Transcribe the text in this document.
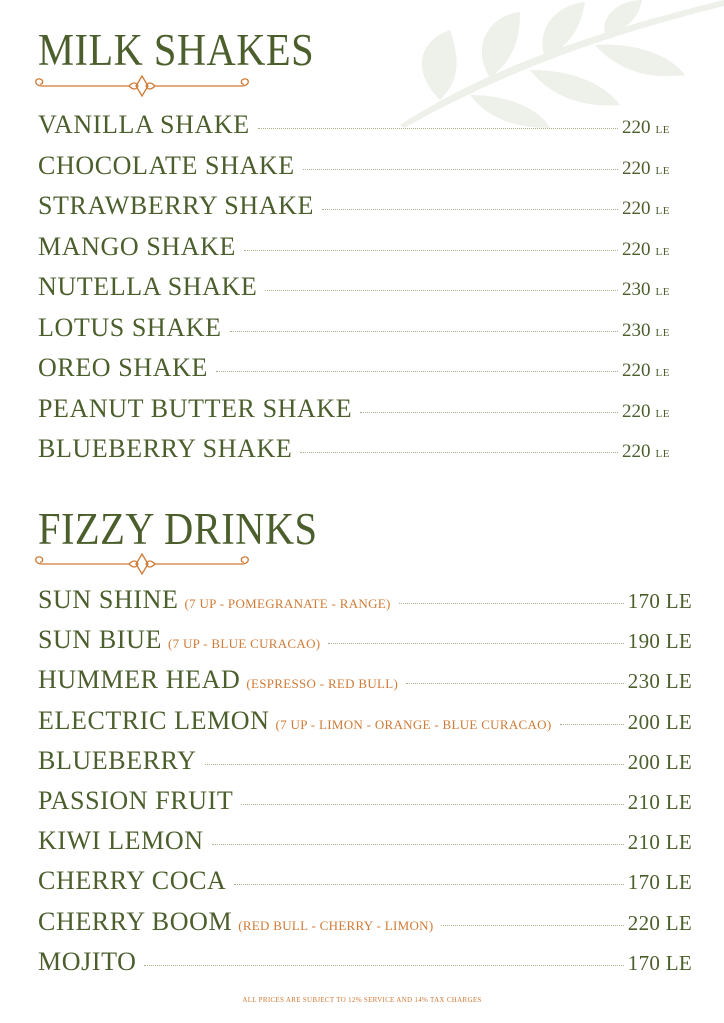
MILK SHAKES
VANILLA SHAKE	220 LE
CHOCOLATE SHAKE	220 LE
STRAWBERRY SHAKE	220 LE
MANGO SHAKE	220 LE
NUTELLA SHAKE	230 LE
LOTUS SHAKE	230 LE
OREO SHAKE	220 LE
PEANUT BUTTER SHAKE	220 LE
BLUEBERRY SHAKE	220 LE
FIZZY DRINKS
SUN SHINE (7 UP - POMEGRANATE - RANGE)	170 LE
SUN BIUE (7 UP - BLUE CURACAO)	190 LE
HUMMER HEAD (ESPRESSO - RED BULL)	230 LE
ELECTRIC LEMON (7 UP - LIMON - ORANGE - BLUE CURACAO)	200 LE
BLUEBERRY	200 LE
PASSION FRUIT	210 LE
KIWI LEMON	210 LE
CHERRY COCA	170 LE
CHERRY BOOM (RED BULL - CHERRY - LIMON)	220 LE
MOJITO	170 LE
ALL PRICES ARE SUBJECT TO 12% SERVICE AND 14% TAX CHARGES
